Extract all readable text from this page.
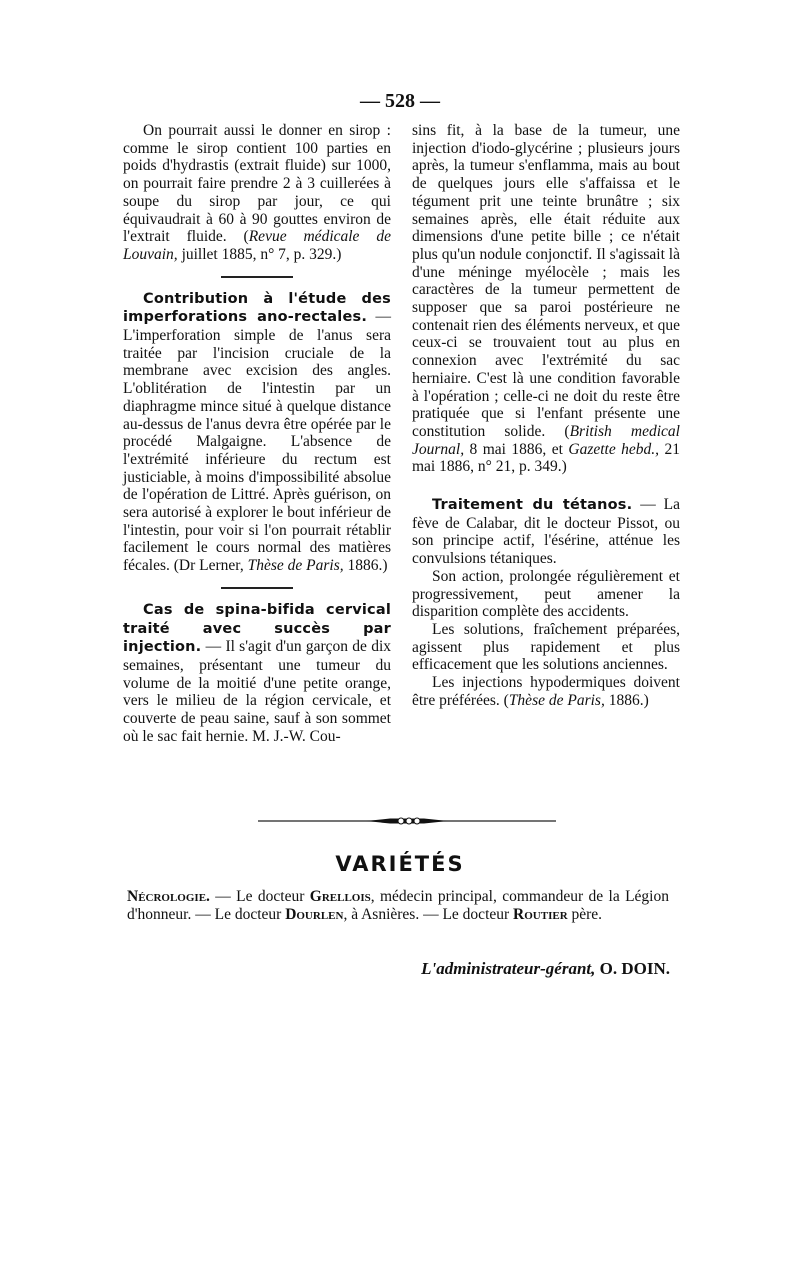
— 528 —

On pourrait aussi le donner en sirop : comme le sirop contient 100 parties en poids d'hydrastis (extrait fluide) sur 1000, on pourrait faire prendre 2 à 3 cuillerées à soupe du sirop par jour, ce qui équivaudrait à 60 à 90 gouttes environ de l'extrait fluide. (Revue médicale de Louvain, juillet 1885, n° 7, p. 329.)

Contribution à l'étude des imperforations ano-rectales. — L'imperforation simple de l'anus sera traitée par l'incision cruciale de la membrane avec excision des angles. L'oblitération de l'intestin par un diaphragme mince situé à quelque distance au-dessus de l'anus devra être opérée par le procédé Malgaigne. L'absence de l'extrémité inférieure du rectum est justiciable, à moins d'impossibilité absolue de l'opération de Littré. Après guérison, on sera autorisé à explorer le bout inférieur de l'intestin, pour voir si l'on pourrait rétablir facilement le cours normal des matières fécales. (Dr Lerner, Thèse de Paris, 1886.)

Cas de spina-bifida cervical traité avec succès par injection. — Il s'agit d'un garçon de dix semaines, présentant une tumeur du volume de la moitié d'une petite orange, vers le milieu de la région cervicale, et couverte de peau saine, sauf à son sommet où le sac fait hernie. M. J.-W. Cou-

sins fit, à la base de la tumeur, une injection d'iodo-glycérine ; plusieurs jours après, la tumeur s'enflamma, mais au bout de quelques jours elle s'affaissa et le tégument prit une teinte brunâtre ; six semaines après, elle était réduite aux dimensions d'une petite bille ; ce n'était plus qu'un nodule conjonctif. Il s'agissait là d'une méninge myélocèle ; mais les caractères de la tumeur permettent de supposer que sa paroi postérieure ne contenait rien des éléments nerveux, et que ceux-ci se trouvaient tout au plus en connexion avec l'extrémité du sac herniaire. C'est là une condition favorable à l'opération ; celle-ci ne doit du reste être pratiquée que si l'enfant présente une constitution solide. (British medical Journal, 8 mai 1886, et Gazette hebd., 21 mai 1886, n° 21, p. 349.)

Traitement du tétanos. — La fève de Calabar, dit le docteur Pissot, ou son principe actif, l'ésérine, atténue les convulsions tétaniques.

Son action, prolongée régulièrement et progressivement, peut amener la disparition complète des accidents.

Les solutions, fraîchement préparées, agissent plus rapidement et plus efficacement que les solutions anciennes.

Les injections hypodermiques doivent être préférées. (Thèse de Paris, 1886.)

VARIÉTÉS

Nécrologie. — Le docteur Grellois, médecin principal, commandeur de la Légion d'honneur. — Le docteur Dourlen, à Asnières. — Le docteur Routier père.

L'administrateur-gérant, O. DOIN.
